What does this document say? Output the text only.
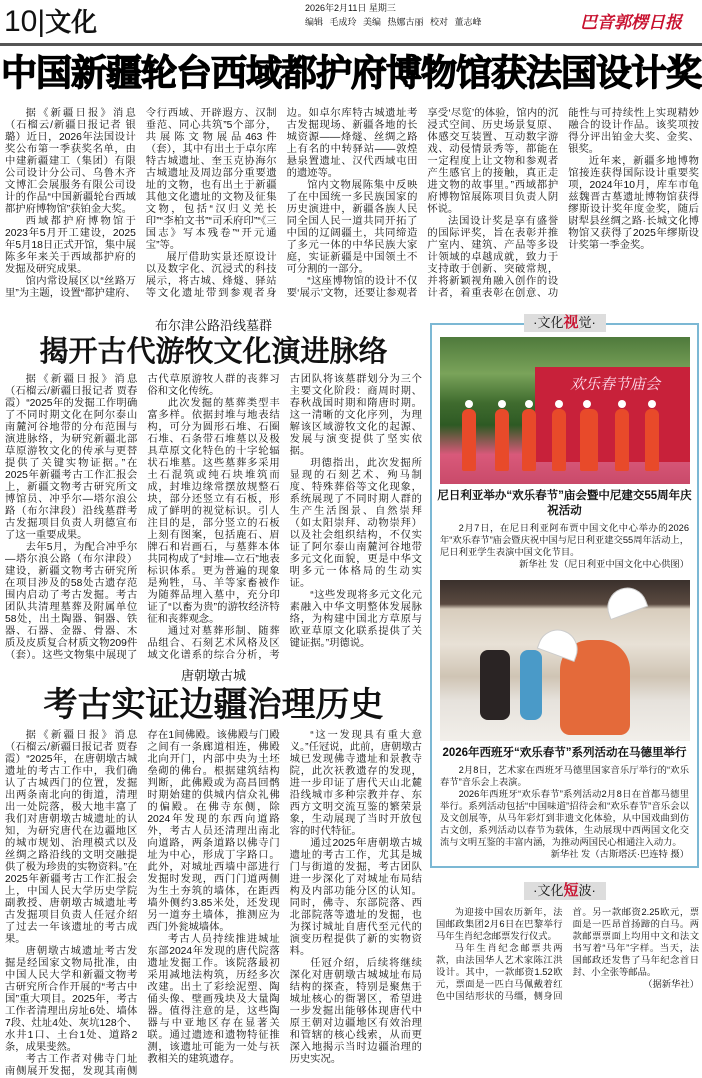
10|文化	2026年2月11日 星期三
编辑 毛成玲 美编 热娜古丽 校对 董志峰	巴音郭楞日报
中国新疆轮台西域都护府博物馆获法国设计奖

据《新疆日报》消息（石榴云/新疆日报记者 银璐）近日，2026年法国设计奖公布第一季获奖名单，由中建新疆建工（集团）有限公司设计分公司、乌鲁木齐文博汇会展服务有限公司设计的作品“中国新疆轮台西域都护府博物馆”获铂金大奖。

西域都护府博物馆于2023年5月开工建设，2025年5月18日正式开馆，集中展陈多年来关于西域都护府的发掘及研究成果。

馆内常设展区以“丝路万里”为主题，设置“都护建府、令行西域、开辟遐方、汉制垂范、同心共筑”5个部分，共展陈文物展品463件（套），其中有出土于卓尔库特古城遗址、奎玉克协海尔古城遗址及周边部分重要遗址的文物，也有出土于新疆其他文化遗址的文物及征集文物，包括“汉归义羌长印”“李柏文书”“司禾府印”“《三国志》写本残卷”“开元通宝”等。

展厅借助实景还原设计以及数字化、沉浸式的科技展示，将古城、烽燧、驿站等文化遗址带到参观者身边。如卓尔库特古城遗址考古发掘现场、新疆各地的长城资源——烽燧、丝绸之路上有名的中转驿站——敦煌悬泉置遗址、汉代西域屯田的遗迹等。

馆内文物展陈集中反映了在中国统一多民族国家的历史演进中，新疆各族人民同全国人民一道共同开拓了中国的辽阔疆土，共同缔造了多元一体的中华民族大家庭，实证新疆是中国领土不可分割的一部分。

“这座博物馆的设计不仅要‘展示’文物，还要让参观者享受‘尽览’的体验，馆内的沉浸式空间、历史场景复原、体感交互装置、互动数字游戏、动侵情景秀等，都能在一定程度上让文物和参观者产生感官上的接触，真正走进文物的故事里。”西域都护府博物馆展陈项目负责人阴怀说。

法国设计奖是享有盛誉的国际评奖，旨在表彰并推广室内、建筑、产品等多设计领域的卓越成就，致力于支持敢于创新、突破常规，并将新颖视角融入创作的设计者，着重表彰在创意、功能性与可持续性上实现精妙融合的设计作品。该奖项按得分评出铂金大奖、金奖、银奖。

近年来，新疆多地博物馆接连获得国际设计重要奖项，2024年10月，库车市龟兹魏晋古墓遗址博物馆获得缪斯设计奖年度金奖，随后尉犁县丝绸之路·长城文化博物馆又获得了2025年缪斯设计奖第一季金奖。

布尔津公路沿线墓群
揭开古代游牧文化演进脉络

据《新疆日报》消息（石榴云/新疆日报记者 贾春霞）“2025年的发掘工作明确了不同时期文化在阿尔泰山南麓河谷地带的分布范围与演进脉络，为研究新疆北部草原游牧文化的传承与更替提供了关键实物证据。”在2025年新疆考古工作汇报会上，新疆文物考古研究所文博馆员、冲乎尔—塔尔浪公路（布尔津段）沿线墓群考古发掘项目负责人玥德宣布了这一重要成果。

去年5月，为配合冲乎尔—塔尔浪公路（布尔津段）建设，新疆文物考古研究所在项目涉及的58处古遗存范围内启动了考古发掘。考古团队共清理墓葬及附属单位58处，出土陶器、铜器、铁器、石器、金器、骨器、木质及皮质复合材质文物209件（套）。这些文物集中展现了古代草原游牧人群的丧葬习俗和文化传统。

此次发掘的墓葬类型丰富多样。依据封堆与地表结构，可分为圆形石堆、石圈石堆、石条带石堆墓以及极具草原文化特色的十字轮辐状石堆墓。这些墓葬多采用土石混筑或纯石块堆筑而成，封堆边缘常摆放规整石块，部分还竖立有石板，形成了鲜明的视觉标识。引人注目的是，部分竖立的石板上刻有图案，包括鹿石、眉牌石和岩画石，与墓葬本体共同构成了“封堆—立石”地表标识体系。更为普遍的现象是殉牲，马、羊等家畜被作为随葬品埋入墓中，充分印证了“以畜为贵”的游牧经济特征和丧葬观念。

通过对墓葬形制、随葬品组合、石刻艺术风格及区域文化谱系的综合分析，考古团队将该墓群划分为三个主要文化阶段：商周时期、春秋战国时期和隋唐时期。这一清晰的文化序列，为理解该区域游牧文化的起源、发展与演变提供了坚实依据。

玥德指出，此次发掘所显现的石刻艺术、殉马制度、特殊葬俗等文化现象，系统展现了不同时期人群的生产生活图景、自然崇拜（如太阳崇拜、动物崇拜）以及社会组织结构，不仅实证了阿尔泰山南麓河谷地带多元文化面貌，更是中华文明多元一体格局的生动实证。

“这些发现将多元文化元素融入中华文明整体发展脉络，为构建中国北方草原与欧亚草原文化联系提供了关键证据。”玥德说。

唐朝墩古城
考古实证边疆治理历史

据《新疆日报》消息（石榴云/新疆日报记者 贾春霞）“2025年，在唐朝墩古城遗址的考古工作中，我们确认了古城西门的位置，发掘出两条南北向的街道，清理出一处院落，极大地丰富了我们对唐朝墩古城遗址的认知，为研究唐代在边疆地区的城市规划、治理模式以及丝绸之路沿线的文明交融提供了极为珍贵的实物资料。”在2025年新疆考古工作汇报会上，中国人民大学历史学院副教授、唐朝墩古城遗址考古发掘项目负责人任冠介绍了过去一年该遗址的考古成果。

唐朝墩古城遗址考古发掘是经国家文物局批准，由中国人民大学和新疆文物考古研究所合作开展的“考古中国”重大项目。2025年，考古工作者清理出房址6处、墙体7段、灶址4处、灰坑128个、水井1口、土台1处、道路2条，成果斐然。

考古工作者对佛寺门址南侧展开发掘，发现其南侧存在1间佛殿。该佛殿与门殿之间有一条廊道相连，佛殿北向开门，内部中央为土坯垒砌的佛台。根据建筑结构判断，此佛殿或为高昌回鹘时期始建的供城内信众礼佛的偏殿。在佛寺东侧，除2024年发现的东西向道路外，考古人员还清理出南北向道路，两条道路以佛寺门址为中心，形成丁字路口。此外，对城址西墙中部进行发掘时发现，西门门道两侧为生土夯筑的墙体，在距西墙外侧约3.85米处，还发现另一道夯土墙体，推测应为西门外瓮城墙体。

考古人员持续推进城址东部2024年发现的唐代院落遗址发掘工作。该院落最初采用减地法构筑，历经多次改建。出土了彩绘泥塑、陶俑头像、壁画残块及大量陶器。值得注意的是，这些陶器与中亚地区存在显著关联。通过遗迹和遗物特征推测，该遗址可能为一处与祆教相关的建筑遗存。

“这一发现具有重大意义。”任冠说，此前，唐朝墩古城已发现佛寺遗址和景教寺院，此次祆教遗存的发现，进一步印证了唐代天山北麓沿线城市多种宗教并存、东西方文明交流互鉴的繁荣景象，生动展现了当时开放包容的时代特征。

通过2025年唐朝墩古城遗址的考古工作，尤其是城门与街道的发掘，考古团队进一步深化了对城址布局结构及内部功能分区的认知。同时，佛寺、东部院落、西北部院落等遗址的发掘，也为探讨城址自唐代至元代的演变历程提供了新的实物资料。

任冠介绍，后续将继续深化对唐朝墩古城城址布局结构的探查，特别是聚焦于城址核心的衙署区，希望进一步发掘出能够体现唐代中原王朝对边疆地区有效治理和管辖的核心线索，从而更深入地揭示当时边疆治理的历史实况。

·文化视觉·
欢乐春节庙会
尼日利亚举办“欢乐春节”庙会暨中尼建交55周年庆祝活动

2月7日，在尼日利亚阿布贾中国文化中心举办的2026年“欢乐春节”庙会暨庆祝中国与尼日利亚建交55周年活动上，尼日利亚学生表演中国文化节目。

新华社 发（尼日利亚中国文化中心供图）

2026年西班牙“欢乐春节”系列活动在马德里举行

2月8日，艺术家在西班牙马德里国家音乐厅举行的“欢乐春节”音乐会上表演。

2026年西班牙“欢乐春节”系列活动2月8日在首都马德里举行。系列活动包括“中国味道”招待会和“欢乐春节”音乐会以及文创展等，从马年彩灯到非遗文化体验，从中国戏曲到仿古文创，系列活动以春节为载体，生动展现中西两国文化交流与文明互鉴的丰富内涵，为推动两国民心相通注入动力。

新华社 发（古斯塔沃·巴连特 摄）

·文化短波·

为迎接中国农历新年，法国邮政集团2月6日在巴黎举行马年生肖纪念邮票发行仪式。

马年生肖纪念邮票共两款，由法国华人艺术家陈江洪设计。其中，一款邮资1.52欧元，票面是一匹白马佩戴着红色中国结形状的马缰，侧身回首。另一款邮资2.25欧元，票面是一匹昂首扬蹄的白马。两款邮票票面上均用中文和法文书写着“马年”字样。当天，法国邮政还发售了马年纪念首日封、小全张等邮品。

（据新华社）
